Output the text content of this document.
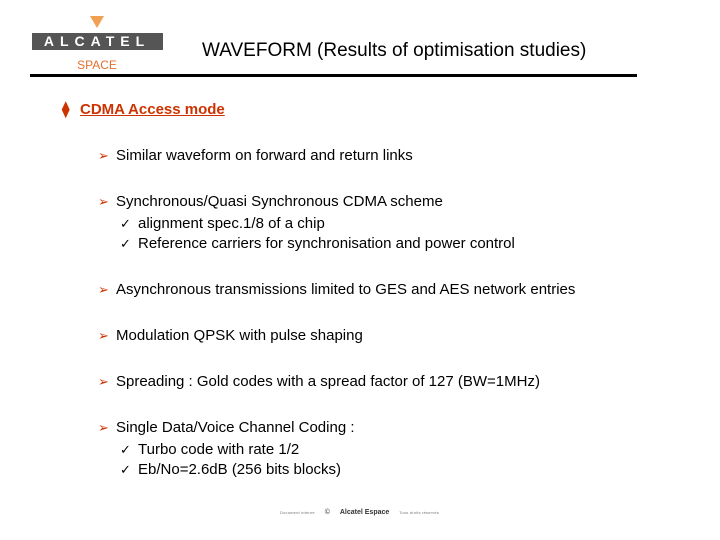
ALCATEL
SPACE
WAVEFORM (Results of optimisation studies)
⧫ CDMA Access mode
➢ Similar waveform on forward and return links
➢ Synchronous/Quasi Synchronous CDMA scheme
✓ alignment spec.1/8 of a chip
✓ Reference carriers for synchronisation and power control
➢ Asynchronous transmissions limited to GES and AES network entries
➢ Modulation QPSK with pulse shaping
➢ Spreading : Gold codes with a spread factor of 127 (BW=1MHz)
➢ Single Data/Voice Channel Coding :
✓ Turbo code with rate 1/2
✓ Eb/No=2.6dB (256 bits blocks)
Document interne © Alcatel Espace Tous droits réservés
